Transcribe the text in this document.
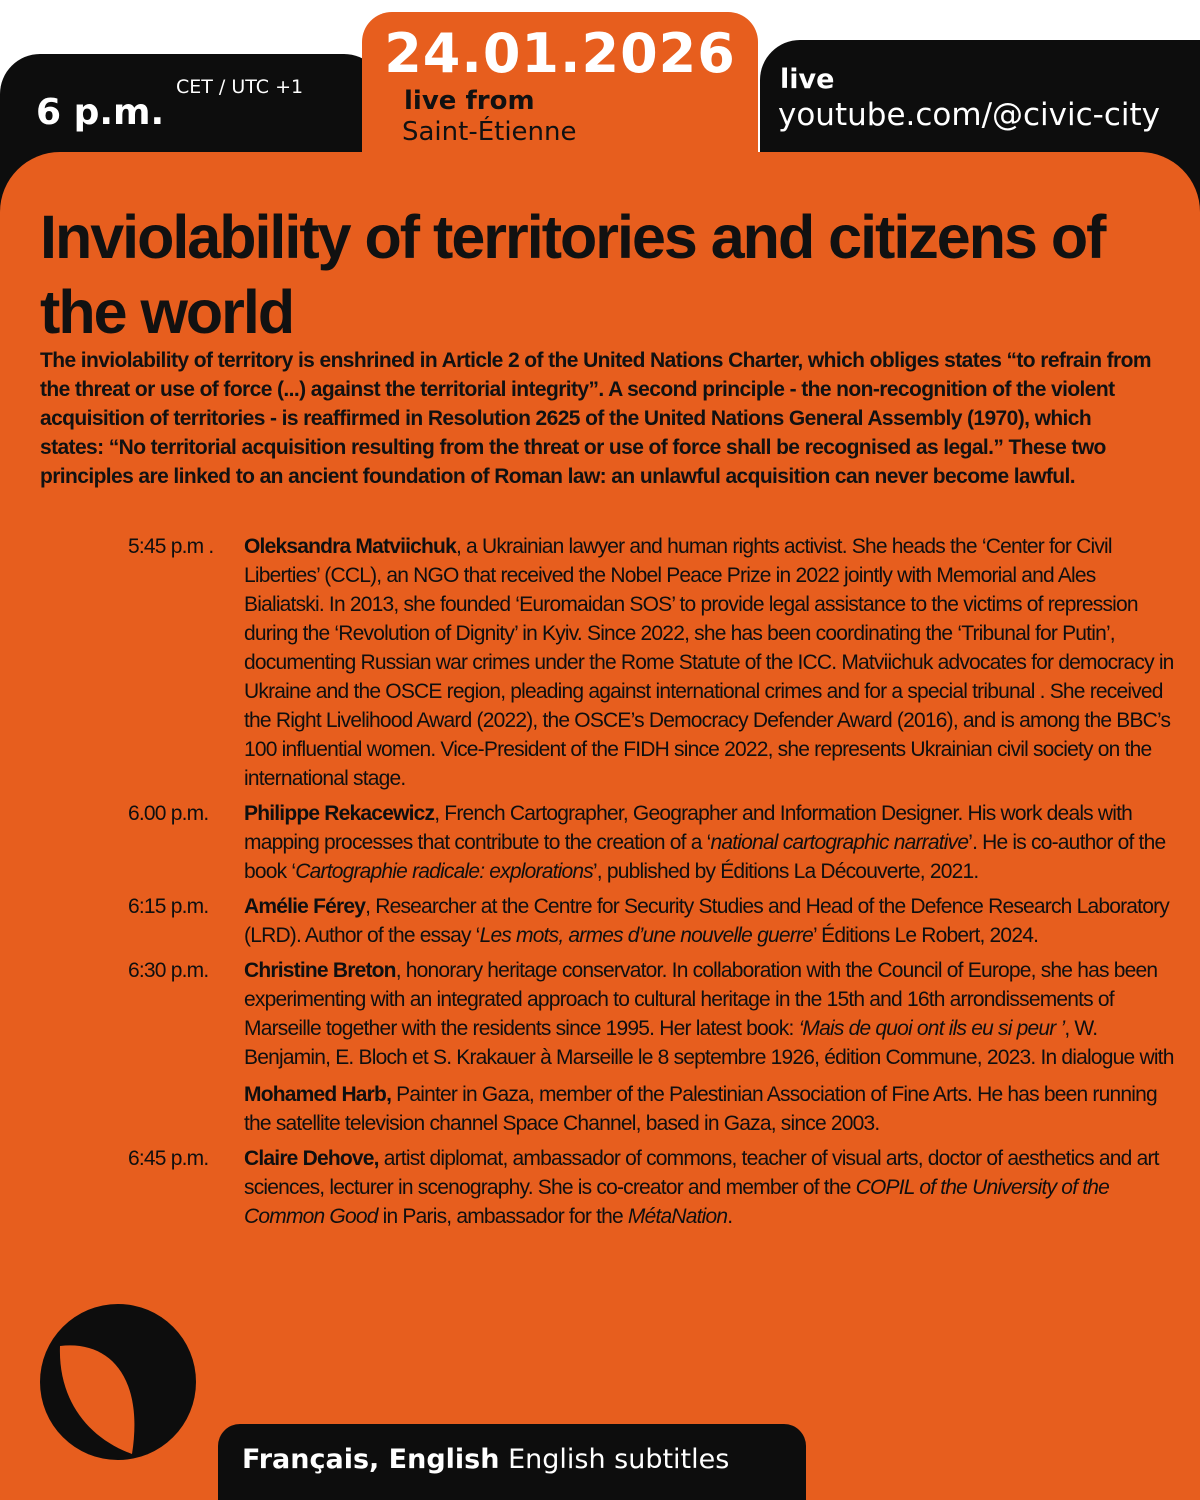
CET / UTC +1
6 p.m.
24.01.2026
live from
Saint-Étienne
live
youtube.com/@civic-city
Inviolability of territories and citizens of the world

The inviolability of territory is enshrined in Article 2 of the United Nations Charter, which obliges states “to refrain from the threat or use of force (...) against the territorial integrity”. A second principle - the non-recognition of the violent acquisition of territories - is reaffirmed in Resolution 2625 of the United Nations General Assembly (1970), which states: “No territorial acquisition resulting from the threat or use of force shall be recognised as legal.” These two principles are linked to an ancient foundation of Roman law: an unlawful acquisition can never become lawful.

5:45 p.m .	Oleksandra Matviichuk, a Ukrainian lawyer and human rights activist. She heads the ‘Center for Civil Liberties’ (CCL), an NGO that received the Nobel Peace Prize in 2022 jointly with Memorial and Ales Bialiatski. In 2013, she founded ‘Euromaidan SOS’ to provide legal assistance to the victims of repression during the ‘Revolution of Dignity’ in Kyiv. Since 2022, she has been coordinating the ‘Tribunal for Putin’, documenting Russian war crimes under the Rome Statute of the ICC. Matviichuk advocates for democracy in Ukraine and the OSCE region, pleading against international crimes and for a special tribunal . She received the Right Livelihood Award (2022), the OSCE’s Democracy Defender Award (2016), and is among the BBC’s 100 influential women. Vice-President of the FIDH since 2022, she represents Ukrainian civil society on the international stage.

6.00 p.m.	Philippe Rekacewicz, French Cartographer, Geographer and Information Designer. His work deals with mapping processes that contribute to the creation of a ‘national cartographic narrative’. He is co-author of the book ‘Cartographie radicale: explorations’, published by Éditions La Découverte, 2021.

6:15 p.m.	Amélie Férey, Researcher at the Centre for Security Studies and Head of the Defence Research Laboratory (LRD). Author of the essay ‘Les mots, armes d’une nouvelle guerre’ Éditions Le Robert, 2024.

6:30 p.m.	Christine Breton, honorary heritage conservator. In collaboration with the Council of Europe, she has been experimenting with an integrated approach to cultural heritage in the 15th and 16th arrondissements of Marseille together with the residents since 1995. Her latest book: ‘Mais de quoi ont ils eu si peur ’, W. Benjamin, E. Bloch et S. Krakauer à Marseille le 8 septembre 1926, édition Commune, 2023. In dialogue with

Mohamed Harb, Painter in Gaza, member of the Palestinian Association of Fine Arts. He has been running the satellite television channel Space Channel, based in Gaza, since 2003.

6:45 p.m.	Claire Dehove, artist diplomat, ambassador of commons, teacher of visual arts, doctor of aesthetics and art sciences, lecturer in scenography. She is co-creator and member of the COPIL of the University of the Common Good in Paris, ambassador for the MétaNation.

Français, English English subtitles
